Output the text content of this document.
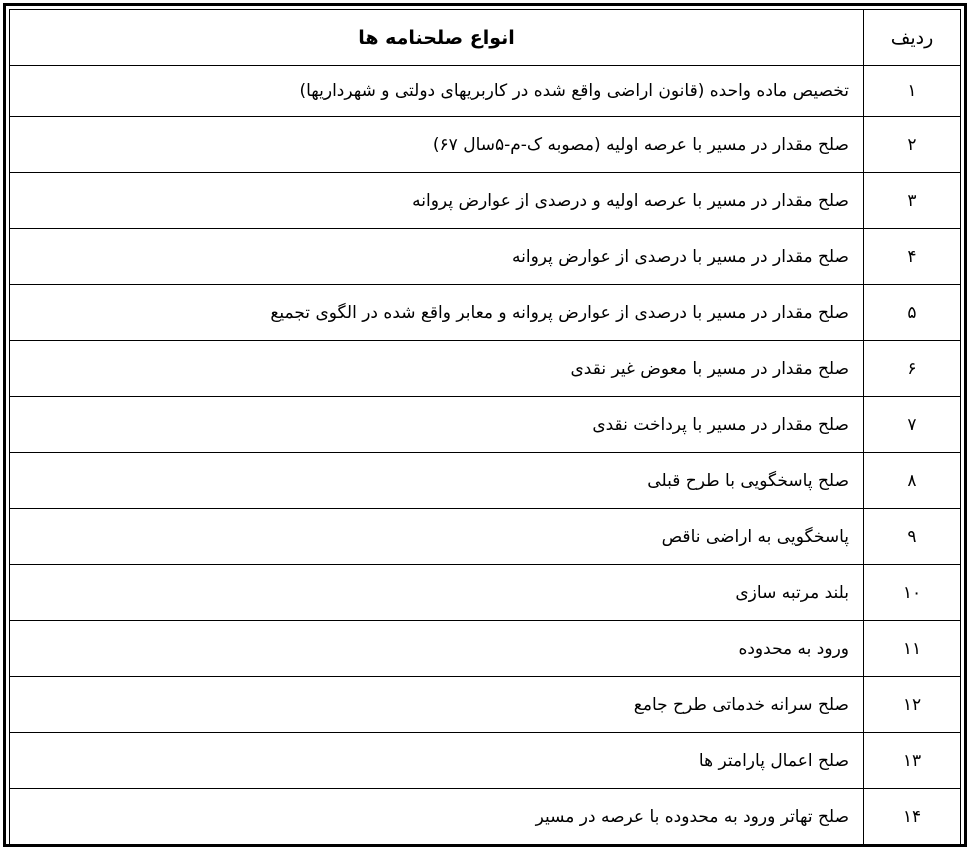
ردیف	انواع صلحنامه ها
۱	تخصیص ماده واحده (قانون اراضی واقع شده در کاربریهای دولتی و شهرداریها)
۲	صلح مقدار در مسیر با عرصه اولیه (مصوبه ک-م-۵سال ۶۷)
۳	صلح مقدار در مسیر با عرصه اولیه و درصدی از عوارض پروانه
۴	صلح مقدار در مسیر با درصدی از عوارض پروانه
۵	صلح مقدار در مسیر با درصدی از عوارض پروانه و معابر واقع شده در الگوی تجمیع
۶	صلح مقدار در مسیر با معوض غیر نقدی
۷	صلح مقدار در مسیر با پرداخت نقدی
۸	صلح پاسخگویی با طرح قبلی
۹	پاسخگویی به اراضی ناقص
۱۰	بلند مرتبه سازی
۱۱	ورود به محدوده
۱۲	صلح سرانه خدماتی طرح جامع
۱۳	صلح اعمال پارامتر ها
۱۴	صلح تهاتر ورود به محدوده با عرصه در مسیر
